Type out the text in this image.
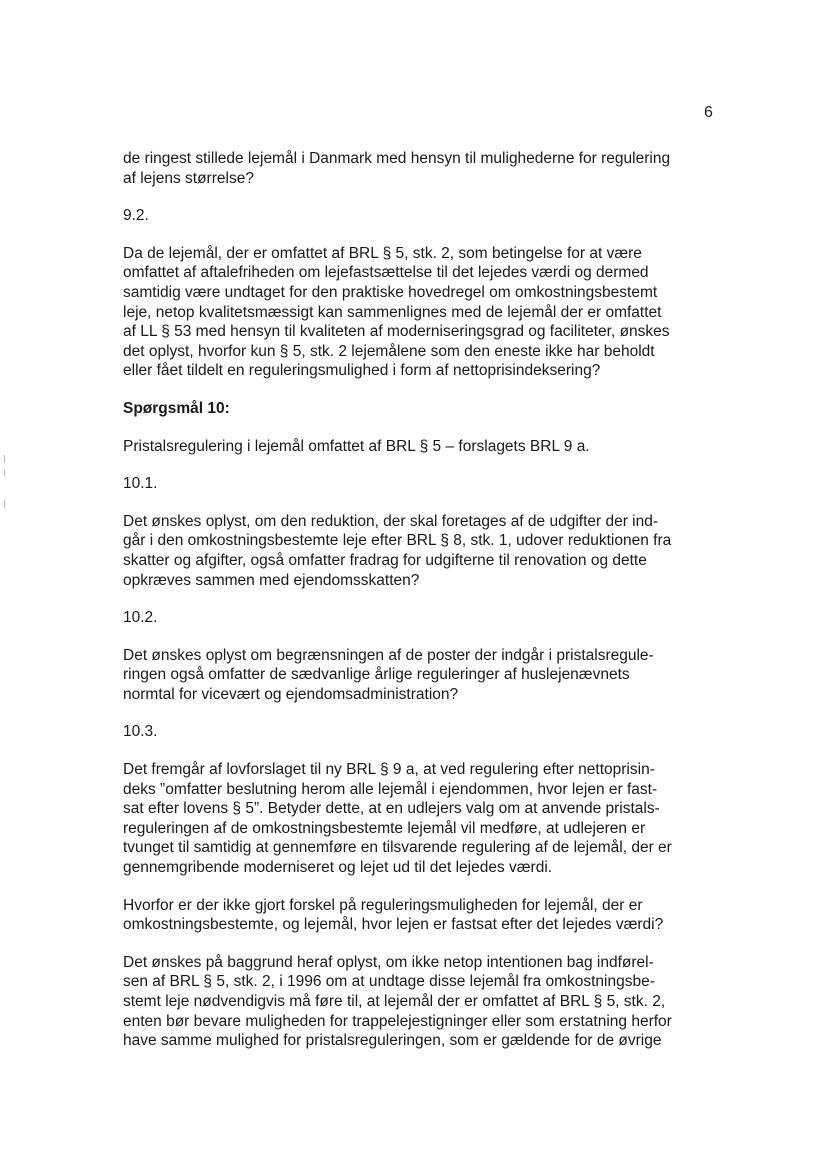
6

de ringest stillede lejemål i Danmark med hensyn til mulighederne for regulering
af lejens størrelse?

9.2.

Da de lejemål, der er omfattet af BRL § 5, stk. 2, som betingelse for at være
omfattet af aftalefriheden om lejefastsættelse til det lejedes værdi og dermed
samtidig være undtaget for den praktiske hovedregel om omkostningsbestemt
leje, netop kvalitetsmæssigt kan sammenlignes med de lejemål der er omfattet
af LL § 53 med hensyn til kvaliteten af moderniseringsgrad og faciliteter, ønskes
det oplyst, hvorfor kun § 5, stk. 2 lejemålene som den eneste ikke har beholdt
eller fået tildelt en reguleringsmulighed i form af nettoprisindeksering?

Spørgsmål 10:

Pristalsregulering i lejemål omfattet af BRL § 5 – forslagets BRL 9 a.

10.1.

Det ønskes oplyst, om den reduktion, der skal foretages af de udgifter der ind-
går i den omkostningsbestemte leje efter BRL § 8, stk. 1, udover reduktionen fra
skatter og afgifter, også omfatter fradrag for udgifterne til renovation og dette
opkræves sammen med ejendomsskatten?

10.2.

Det ønskes oplyst om begrænsningen af de poster der indgår i pristalsregule-
ringen også omfatter de sædvanlige årlige reguleringer af huslejenævnets
normtal for vicevært og ejendomsadministration?

10.3.

Det fremgår af lovforslaget til ny BRL § 9 a, at ved regulering efter nettoprisin-
deks ”omfatter beslutning herom alle lejemål i ejendommen, hvor lejen er fast-
sat efter lovens § 5”. Betyder dette, at en udlejers valg om at anvende pristals-
reguleringen af de omkostningsbestemte lejemål vil medføre, at udlejeren er
tvunget til samtidig at gennemføre en tilsvarende regulering af de lejemål, der er
gennemgribende moderniseret og lejet ud til det lejedes værdi.

Hvorfor er der ikke gjort forskel på reguleringsmuligheden for lejemål, der er
omkostningsbestemte, og lejemål, hvor lejen er fastsat efter det lejedes værdi?

Det ønskes på baggrund heraf oplyst, om ikke netop intentionen bag indførel-
sen af BRL § 5, stk. 2, i 1996 om at undtage disse lejemål fra omkostningsbe-
stemt leje nødvendigvis må føre til, at lejemål der er omfattet af BRL § 5, stk. 2,
enten bør bevare muligheden for trappelejestigninger eller som erstatning herfor
have samme mulighed for pristalsreguleringen, som er gældende for de øvrige
